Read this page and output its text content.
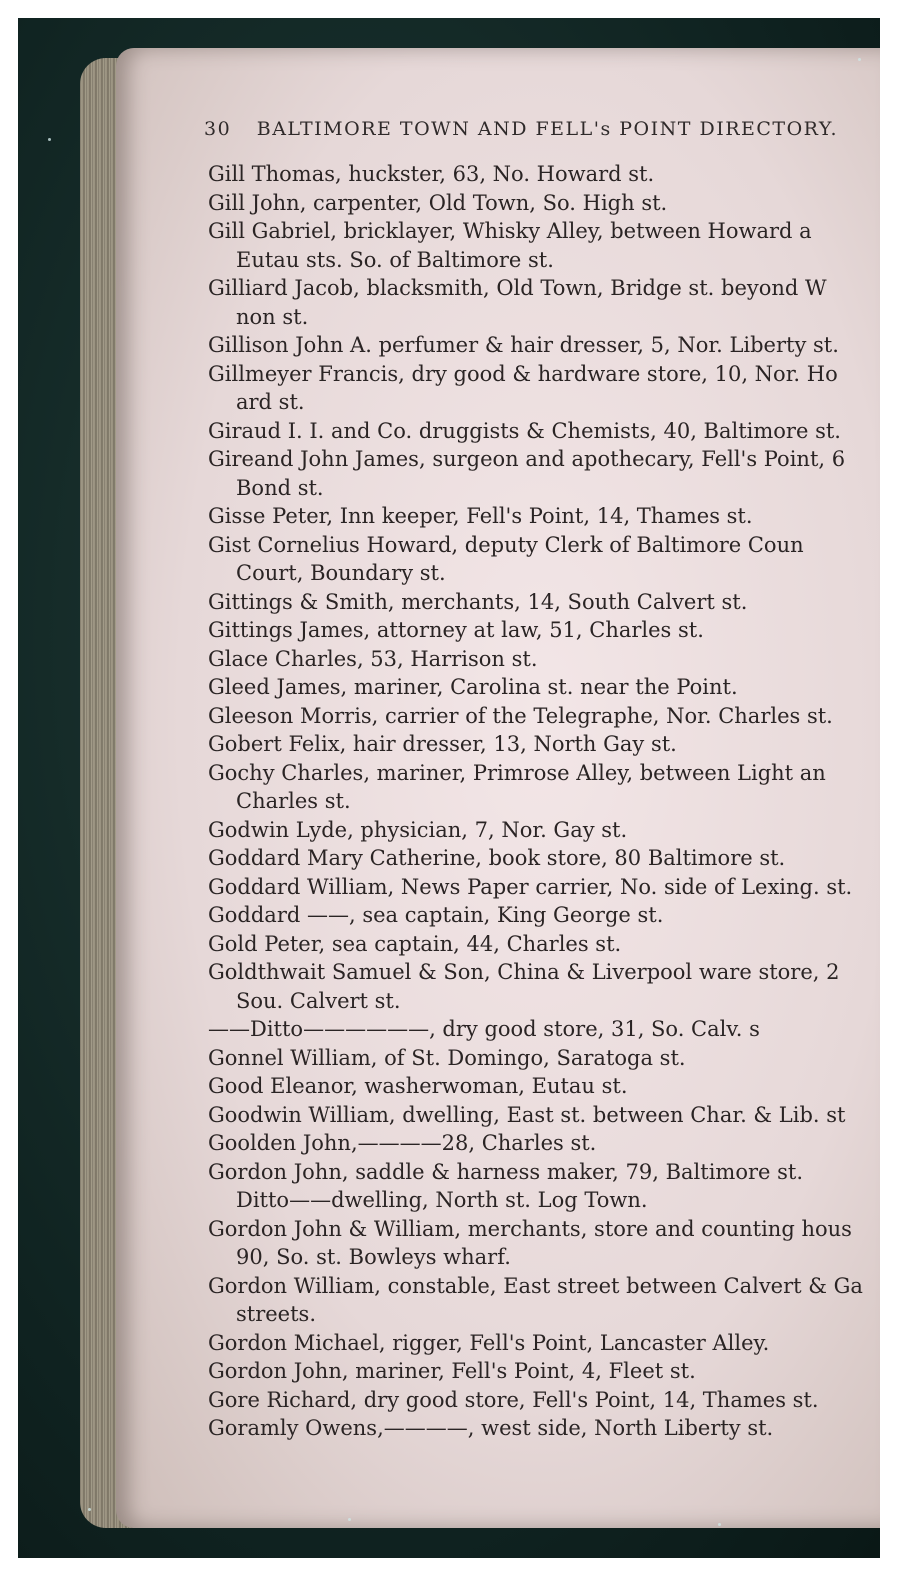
30 BALTIMORE TOWN AND FELL's POINT DIRECTORY.
Gill Thomas, huckster, 63, No. Howard st.
Gill John, carpenter, Old Town, So. High st.
Gill Gabriel, bricklayer, Whisky Alley, between Howard a
Eutau sts. So. of Baltimore st.
Gilliard Jacob, blacksmith, Old Town, Bridge st. beyond W
non st.
Gillison John A. perfumer & hair dresser, 5, Nor. Liberty st.
Gillmeyer Francis, dry good & hardware store, 10, Nor. Ho
ard st.
Giraud I. I. and Co. druggists & Chemists, 40, Baltimore st.
Gireand John James, surgeon and apothecary, Fell's Point, 6
Bond st.
Gisse Peter, Inn keeper, Fell's Point, 14, Thames st.
Gist Cornelius Howard, deputy Clerk of Baltimore Coun
Court, Boundary st.
Gittings & Smith, merchants, 14, South Calvert st.
Gittings James, attorney at law, 51, Charles st.
Glace Charles, 53, Harrison st.
Gleed James, mariner, Carolina st. near the Point.
Gleeson Morris, carrier of the Telegraphe, Nor. Charles st.
Gobert Felix, hair dresser, 13, North Gay st.
Gochy Charles, mariner, Primrose Alley, between Light an
Charles st.
Godwin Lyde, physician, 7, Nor. Gay st.
Goddard Mary Catherine, book store, 80 Baltimore st.
Goddard William, News Paper carrier, No. side of Lexing. st.
Goddard ——, sea captain, King George st.
Gold Peter, sea captain, 44, Charles st.
Goldthwait Samuel & Son, China & Liverpool ware store, 2
Sou. Calvert st.
——Ditto——————, dry good store, 31, So. Calv. s
Gonnel William, of St. Domingo, Saratoga st.
Good Eleanor, washerwoman, Eutau st.
Goodwin William, dwelling, East st. between Char. & Lib. st
Goolden John,————28, Charles st.
Gordon John, saddle & harness maker, 79, Baltimore st.
Ditto——dwelling, North st. Log Town.
Gordon John & William, merchants, store and counting hous
90, So. st. Bowleys wharf.
Gordon William, constable, East street between Calvert & Ga
streets.
Gordon Michael, rigger, Fell's Point, Lancaster Alley.
Gordon John, mariner, Fell's Point, 4, Fleet st.
Gore Richard, dry good store, Fell's Point, 14, Thames st.
Goramly Owens,————, west side, North Liberty st.
